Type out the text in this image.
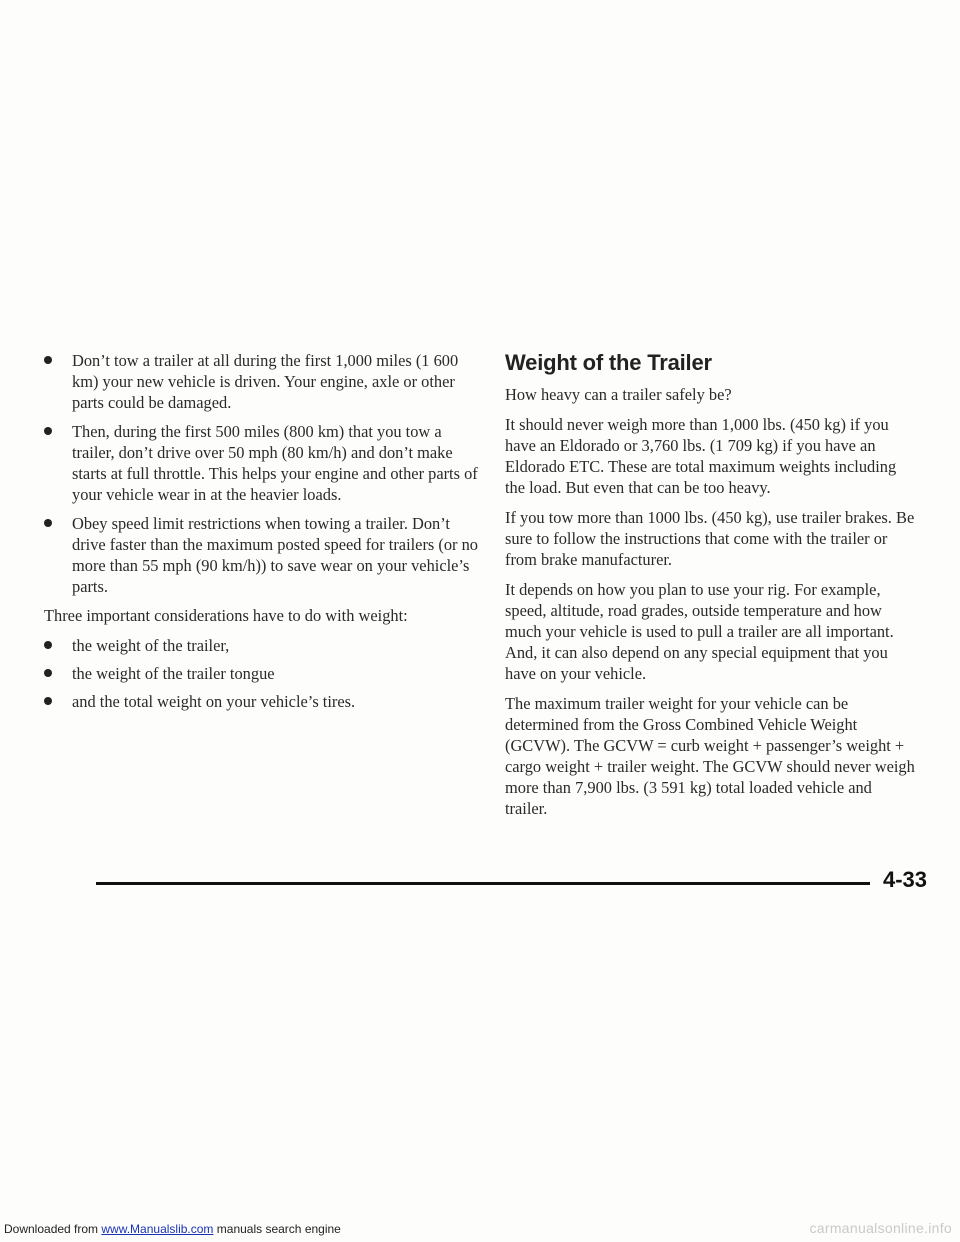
Don’t tow a trailer at all during the first 1,000 miles (1 600 km) your new vehicle is driven. Your engine, axle or other parts could be damaged.
Then, during the first 500 miles (800 km) that you tow a trailer, don’t drive over 50 mph (80 km/h) and don’t make starts at full throttle. This helps your engine and other parts of your vehicle wear in at the heavier loads.
Obey speed limit restrictions when towing a trailer. Don’t drive faster than the maximum posted speed for trailers (or no more than 55 mph (90 km/h)) to save wear on your vehicle’s parts.

Three important considerations have to do with weight:

the weight of the trailer,
the weight of the trailer tongue
and the total weight on your vehicle’s tires.
Weight of the Trailer

How heavy can a trailer safely be?

It should never weigh more than 1,000 lbs. (450 kg) if you have an Eldorado or 3,760 lbs. (1 709 kg) if you have an Eldorado ETC. These are total maximum weights including the load. But even that can be too heavy.

If you tow more than 1000 lbs. (450 kg), use trailer brakes. Be sure to follow the instructions that come with the trailer or from brake manufacturer.

It depends on how you plan to use your rig. For example, speed, altitude, road grades, outside temperature and how much your vehicle is used to pull a trailer are all important. And, it can also depend on any special equipment that you have on your vehicle.

The maximum trailer weight for your vehicle can be determined from the Gross Combined Vehicle Weight (GCVW). The GCVW = curb weight + passenger’s weight + cargo weight + trailer weight. The GCVW should never weigh more than 7,900 lbs. (3 591 kg) total loaded vehicle and trailer.

4-33
Downloaded from www.Manualslib.com manuals search engine	carmanualsonline.info
